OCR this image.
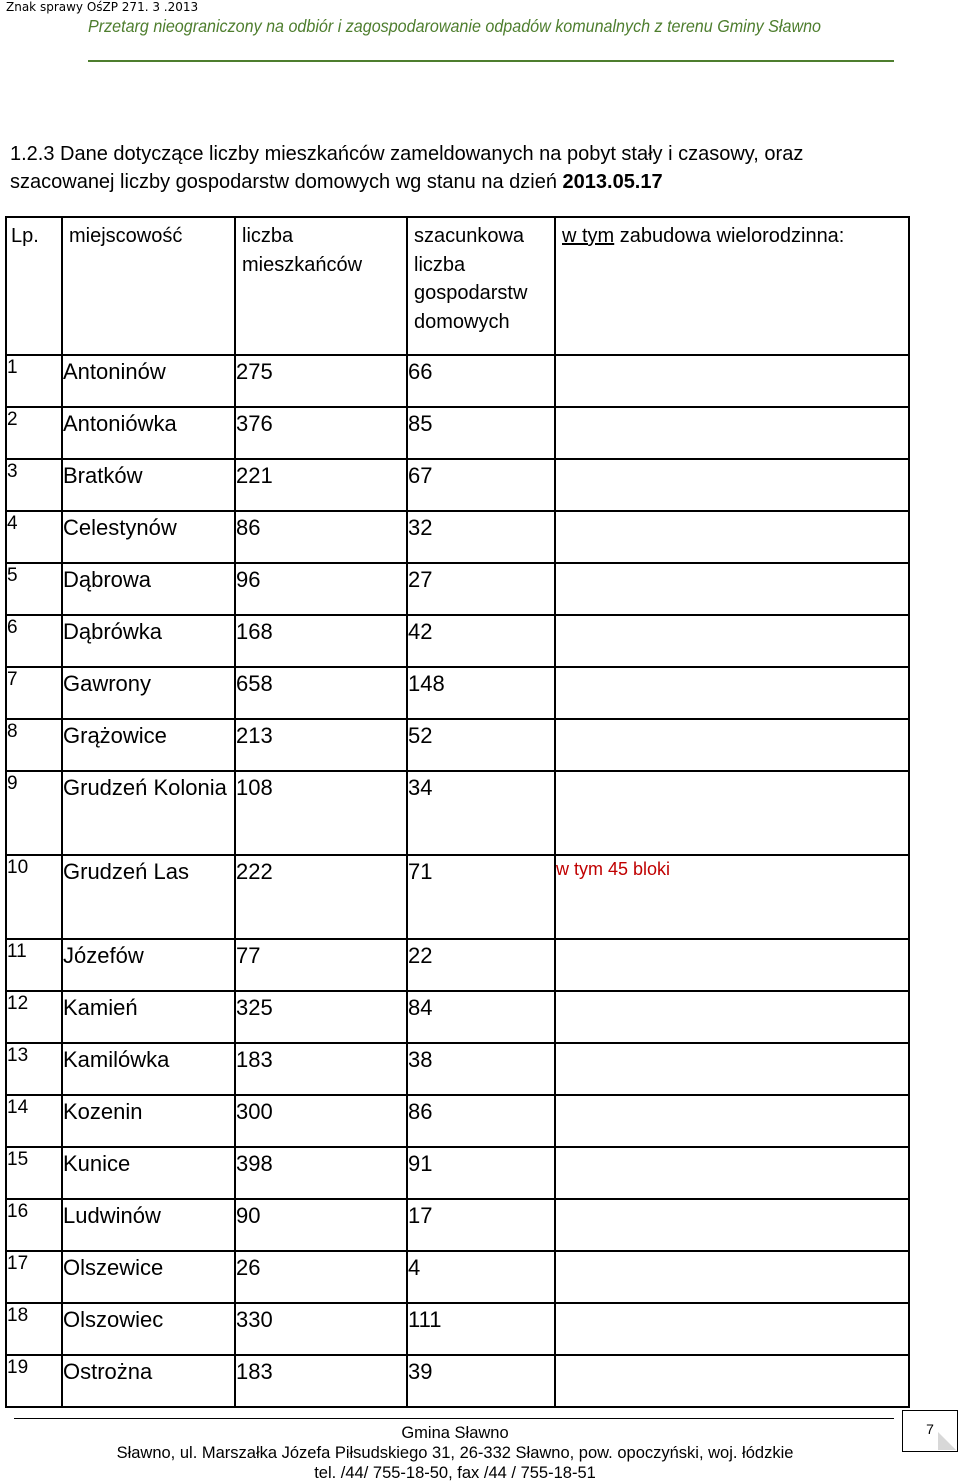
Znak sprawy OśZP 271. 3 .2013
Przetarg nieograniczony na odbiór i zagospodarowanie odpadów komunalnych z terenu Gminy Sławno
1.2.3 Dane dotyczące liczby mieszkańców zameldowanych na pobyt stały i czasowy, oraz
szacowanej liczby gospodarstw domowych wg stanu na dzień 2013.05.17
Lp.	miejscowość	liczba mieszkańców	szacunkowa liczba gospodarstw domowych	w tym zabudowa wielorodzinna:
1	Antoninów	275	66	
2	Antoniówka	376	85	
3	Bratków	221	67	
4	Celestynów	86	32	
5	Dąbrowa	96	27	
6	Dąbrówka	168	42	
7	Gawrony	658	148	
8	Grążowice	213	52	
9	Grudzeń Kolonia	108	34	
10	Grudzeń Las	222	71	w tym 45 bloki
11	Józefów	77	22	
12	Kamień	325	84	
13	Kamilówka	183	38	
14	Kozenin	300	86	
15	Kunice	398	91	
16	Ludwinów	90	17	
17	Olszewice	26	4	
18	Olszowiec	330	111	
19	Ostrożna	183	39	
Gmina Sławno
Sławno, ul. Marszałka Józefa Piłsudskiego 31, 26-332 Sławno, pow. opoczyński, woj. łódzkie
tel. /44/ 755-18-50, fax /44 / 755-18-51
7
